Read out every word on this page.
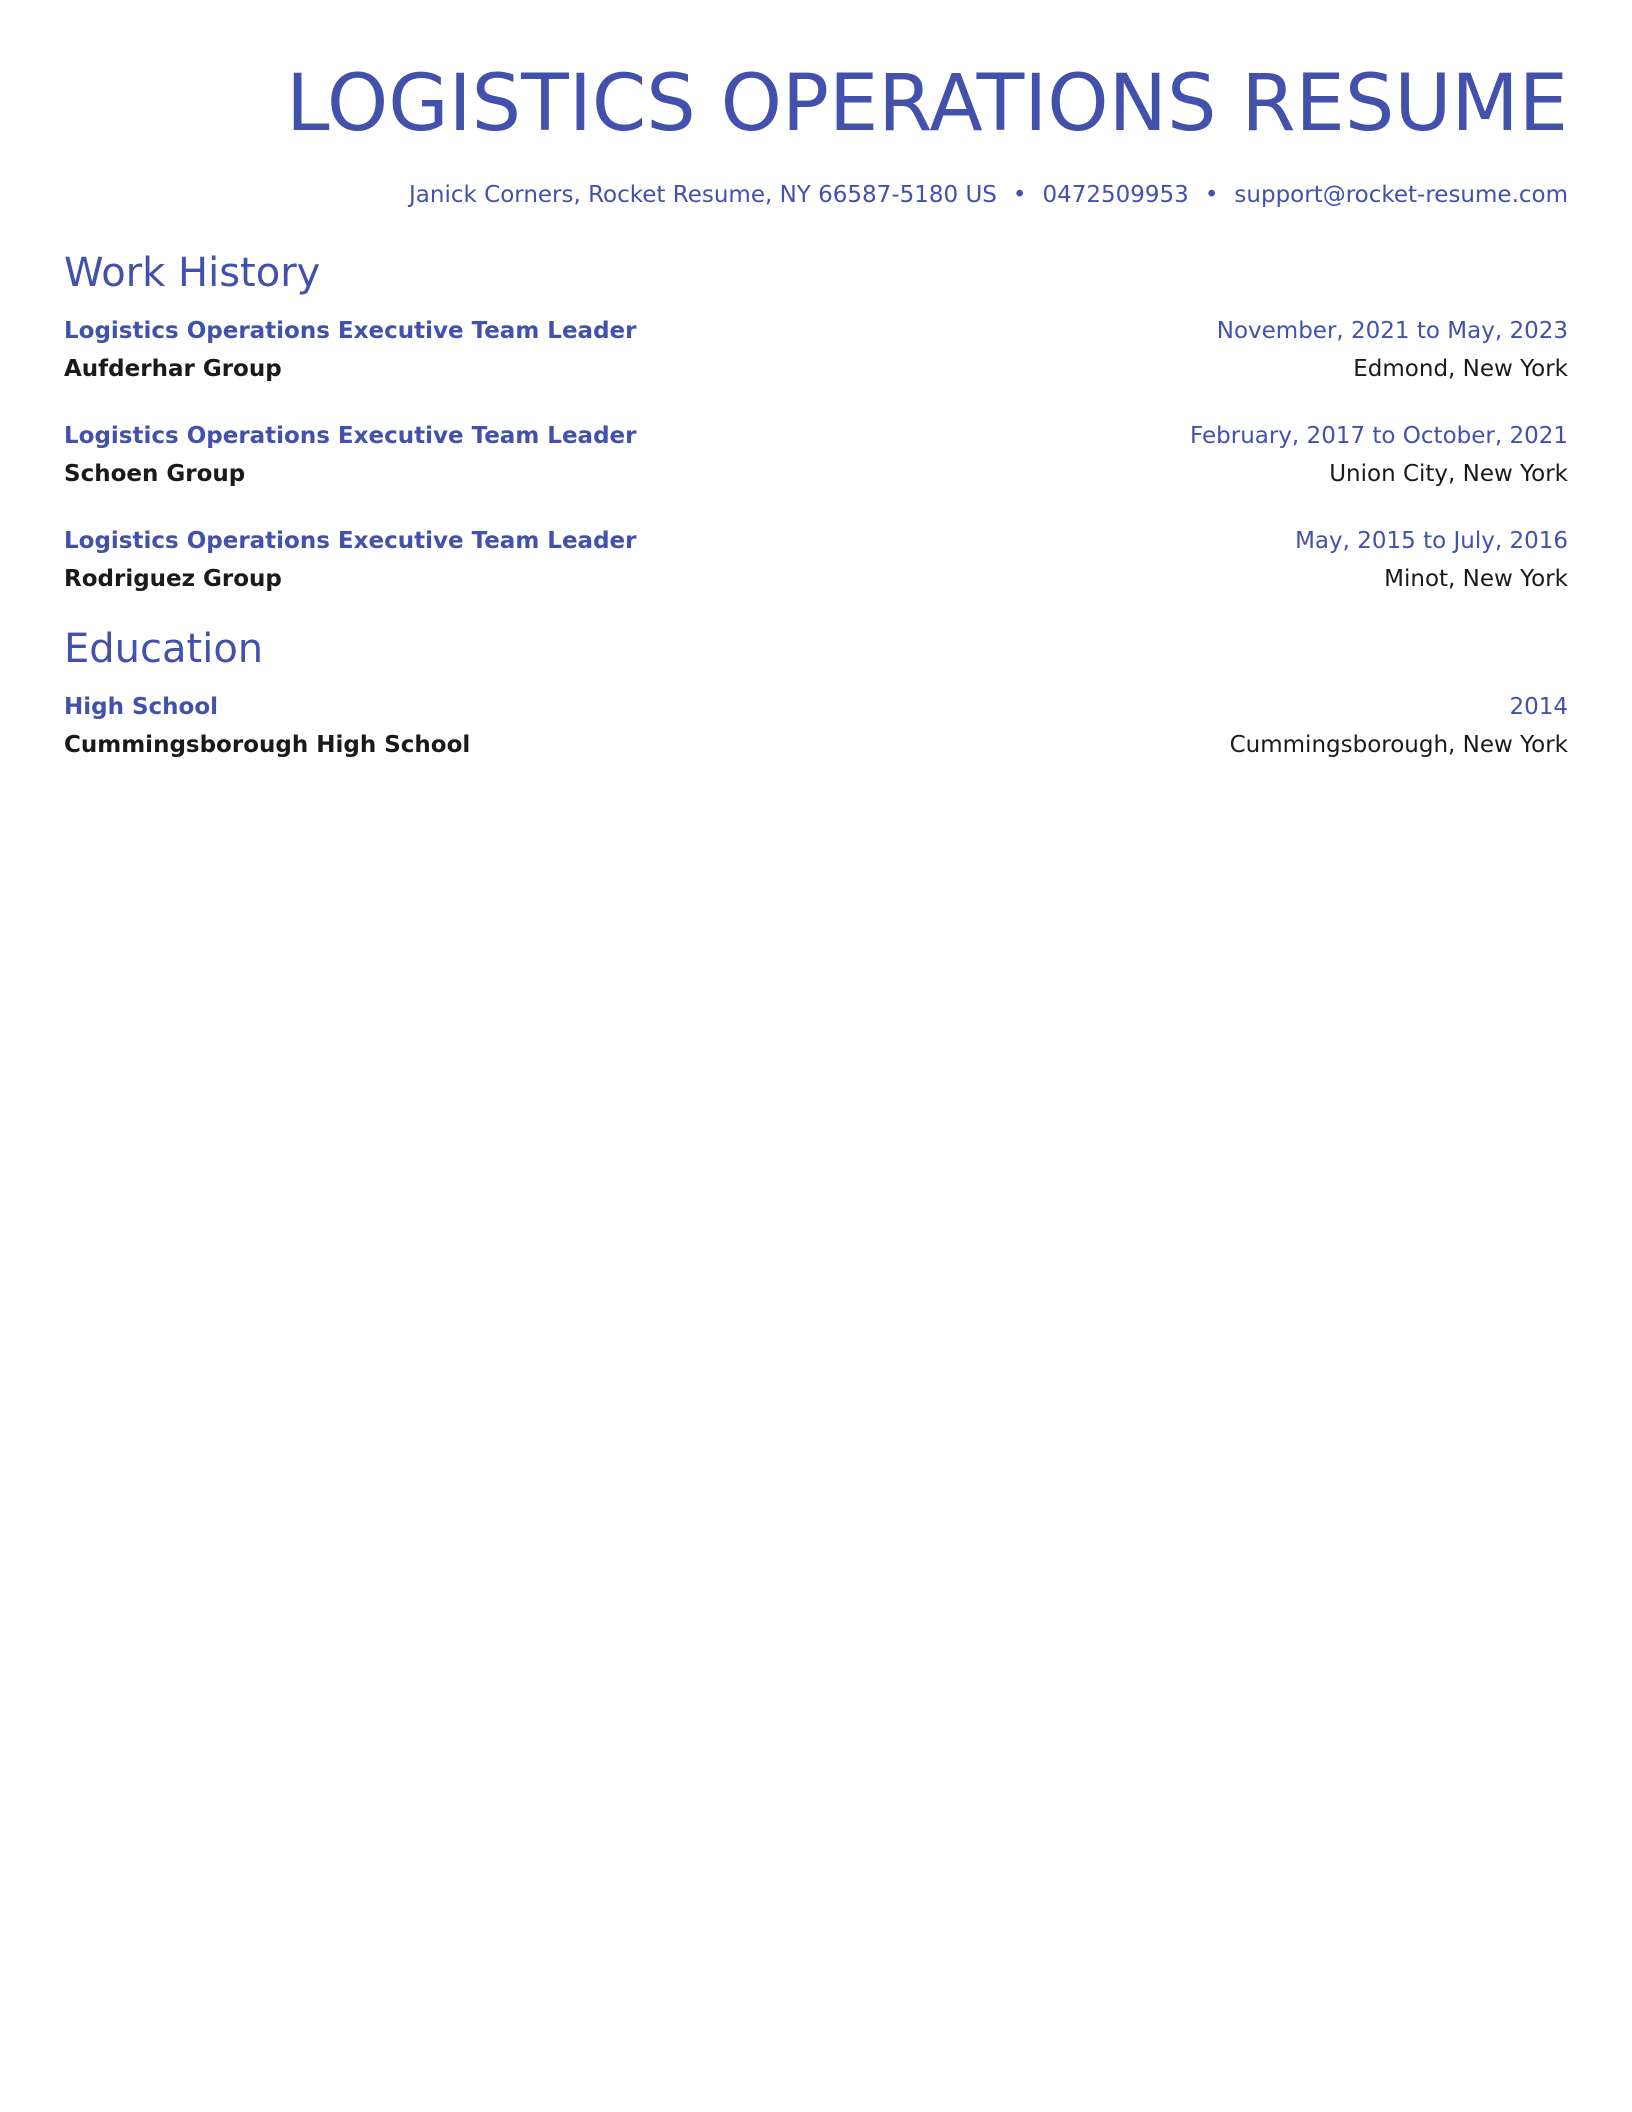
LOGISTICS OPERATIONS RESUME
Janick Corners, Rocket Resume, NY 66587-5180 US • 0472509953 • support@rocket-resume.com
Work History
Logistics Operations Executive Team Leader	November, 2021 to May, 2023
Aufderhar Group	Edmond, New York
Logistics Operations Executive Team Leader	February, 2017 to October, 2021
Schoen Group	Union City, New York
Logistics Operations Executive Team Leader	May, 2015 to July, 2016
Rodriguez Group	Minot, New York
Education
High School	2014
Cummingsborough High School	Cummingsborough, New York
